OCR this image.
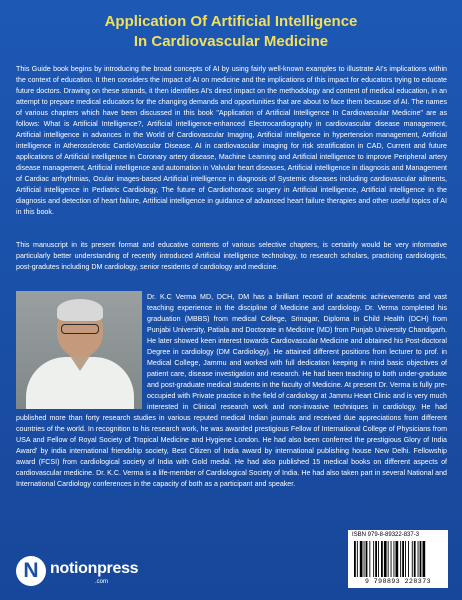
Application Of Artificial Intelligence
In Cardiovascular Medicine

This Guide book begins by introducing the broad concepts of AI by using fairly well-known examples to illustrate AI's implications within the context of education. It then considers the impact of AI on medicine and the implications of this impact for educators trying to educate future doctors. Drawing on these strands, it then identifies AI's direct impact on the methodology and content of medical education, in an attempt to prepare medical educators for the changing demands and opportunities that are about to face them because of AI. The names of various chapters which have been discussed in this book "Application of Artificial Intelligence In Cardiovascular Medicine" are as follows: What is Artificial Intelligence?, Artificial intelligence-enhanced Electrocardiography in cardiovascular disease management, Artificial intelligence in advances in the World of Cardiovascular Imaging, Artificial intelligence in hypertension management, Artificial intelligence in Atherosclerotic CardioVascular Disease. AI in cardiovascular imaging for risk stratification in CAD, Current and future applications of Artificial intelligence in Coronary artery disease, Machine Learning and Artificial intelligence to improve Peripheral artery disease management, Artificial intelligence and automation in Valvular heart diseases, Artificial intelligence in diagnosis and Management of Cardiac arrhythmias, Ocular images-based Artificial intelligence in diagnosis of Systemic diseases including cardiovascular ailments, Artificial intelligence in Pediatric Cardiology, The future of Cardiothoracic surgery in Artificial intelligence, Artificial intelligence in the diagnosis and detection of heart failure, Artificial intelligence in guidance of advanced heart failure therapies and other useful topics of AI in this book.

This manuscript in its present format and educative contents of various selective chapters, is certainly would be very informative particularly better understanding of recently introduced Artificial intelligence technology, to research scholars, practicing cardiologists, post-gradutes including DM cardiology, senior residents of cardiology and medicine.

Dr. K.C Verma MD, DCH, DM has a brilliant record of academic achievements and vast teaching experience in the discipline of Medicine and cardiology. Dr. Verma completed his graduation (MBBS) from medical College, Srinagar, Diploma in Child Health (DCH) from Punjabi University, Patiala and Doctorate in Medicine (MD) from Punjab University Chandigarh. He later showed keen interest towards Cardiovascular Medicine and obtained his Post-doctoral Degree in cardiology (DM Cardiology). He attained different positions from lecturer to prof. in Medical College, Jammu and worked with full dedication keeping in mind basic objectives of patient care, disease investigation and research. He had been teaching to both under-graduate and post-graduate medical students in the faculty of Medicine. At present Dr. Verma is fully pre-occupied with Private practice in the field of cardiology at Jammu Heart Clinic and is very much interested in Clinical research work and non-invasive techniques in cardiology. He had published more than forty research studies in various reputed medical Indian journals and received due appreciations from different countries of the world. In recognition to his research work, he was awarded prestigious Fellow of International College of Physicians from USA and Fellow of Royal Society of Tropical Medicine and Hygiene London. He had also been conferred the prestigious Glory of India Award' by india international friendship society, Best Citizen of India award by international publishing house New Delhi. Fellowship award (FCSI) from cardiological society of India with Gold medal. He had also published 15 medical books on different aspects of cardiovascular medicine. Dr. K.C. Verma is a life-member of Cardiological Society of India. He had also taken part in several National and International Cardiology conferences in the capacity of both as a participant and speaker.

ISBN 979-8-89322-837-3
9 798893 228373
N notionpress
.com
